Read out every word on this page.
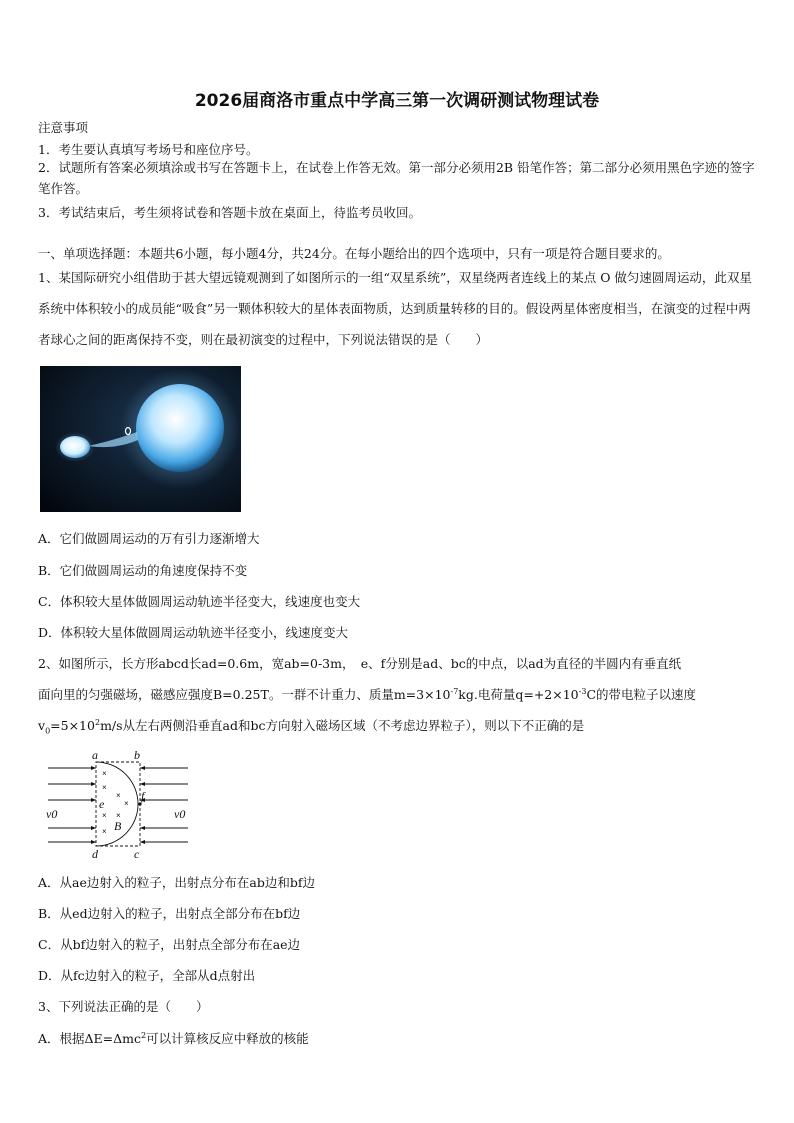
2026届商洛市重点中学高三第一次调研测试物理试卷
注意事项
1．考生要认真填写考场号和座位序号。
2．试题所有答案必须填涂或书写在答题卡上，在试卷上作答无效。第一部分必须用2B 铅笔作答；第二部分必须用黑色字迹的签字笔作答。
3．考试结束后，考生须将试卷和答题卡放在桌面上，待监考员收回。
一、单项选择题：本题共6小题，每小题4分，共24分。在每小题给出的四个选项中，只有一项是符合题目要求的。
1、某国际研究小组借助于甚大望远镜观测到了如图所示的一组“双星系统”，双星绕两者连线上的某点 O 做匀速圆周运动，此双星系统中体积较小的成员能“吸食”另一颗体积较大的星体表面物质，达到质量转移的目的。假设两星体密度相当，在演变的过程中两者球心之间的距离保持不变，则在最初演变的过程中，下列说法错误的是（　　）
A．它们做圆周运动的万有引力逐渐增大
B．它们做圆周运动的角速度保持不变
C．体积较大星体做圆周运动轨迹半径变大，线速度也变大
D．体积较大星体做圆周运动轨迹半径变小，线速度变大
2、如图所示，长方形abcd长ad=0.6m，宽ab=0-3m，　e、f分别是ad、bc的中点，以ad为直径的半圆内有垂直纸
面向里的匀强磁场，磁感应强度B=0.25T。一群不计重力、质量$m=3\times 10^{-7}kg$.电荷量$q=+2\times 10^{-3}C$的带电粒子以速度
$v_0=5\times 10^2m/s$从左右两侧沿垂直ad和bc方向射入磁场区域（不考虑边界粒子），则以下不正确的是
×
×
×
× ×
×
×
a	b
c
d
e
f
B
v0	v0
A．从ae边射入的粒子，出射点分布在ab边和bf边
B．从ed边射入的粒子，出射点全部分布在bf边
C．从bf边射入的粒子，出射点全部分布在ae边
D．从fc边射入的粒子，全部从d点射出
3、下列说法正确的是（　　）
A．根据ΔE=Δmc$^2$可以计算核反应中释放的核能
